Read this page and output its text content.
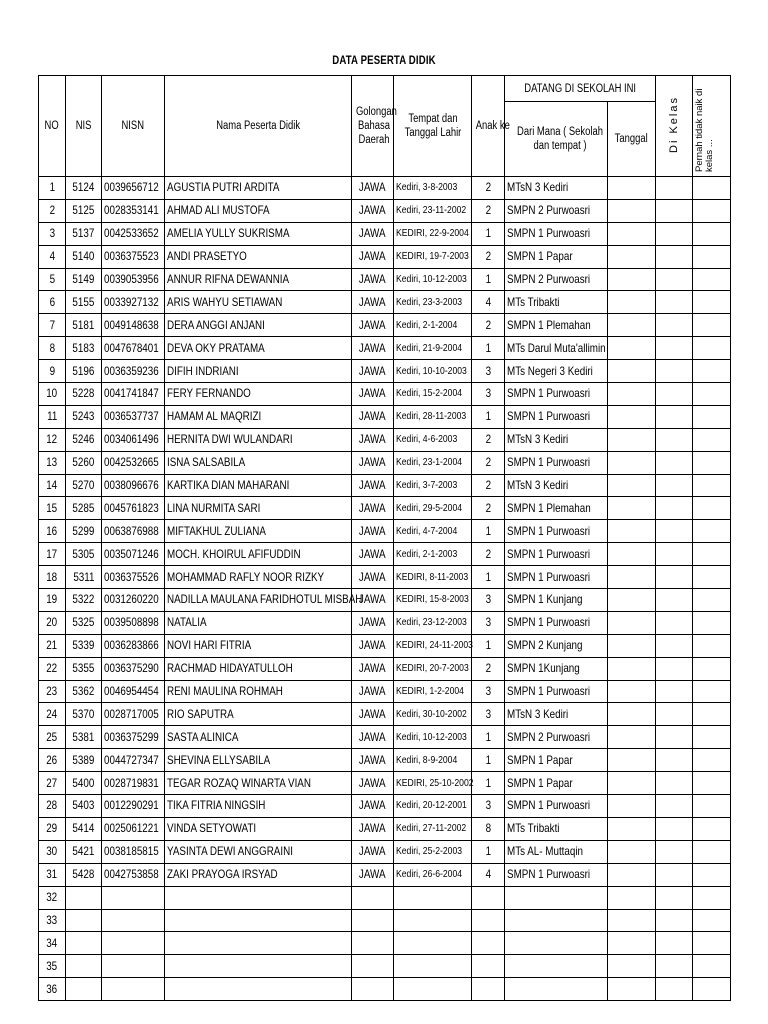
DATA PESERTA DIDIK
NO	NIS	NISN	Nama Peserta Didik	Golongan Bahasa Daerah	Tempat dan Tanggal Lahir	Anak ke	DATANG DI SEKOLAH INI		Di Kelas	Pernah tidak naik di kelas ...
							Dari Mana ( Sekolah dan tempat )	Tanggal		
1	5124	0039656712	AGUSTIA PUTRI ARDITA	JAWA	Kediri, 3-8-2003	2	MTsN 3 Kediri			
2	5125	0028353141	AHMAD ALI MUSTOFA	JAWA	Kediri, 23-11-2002	2	SMPN 2 Purwoasri			
3	5137	0042533652	AMELIA YULLY SUKRISMA	JAWA	KEDIRI, 22-9-2004	1	SMPN 1 Purwoasri			
4	5140	0036375523	ANDI PRASETYO	JAWA	KEDIRI, 19-7-2003	2	SMPN 1 Papar			
5	5149	0039053956	ANNUR RIFNA DEWANNIA	JAWA	Kediri, 10-12-2003	1	SMPN 2 Purwoasri			
6	5155	0033927132	ARIS WAHYU SETIAWAN	JAWA	Kediri, 23-3-2003	4	MTs Tribakti			
7	5181	0049148638	DERA ANGGI ANJANI	JAWA	Kediri, 2-1-2004	2	SMPN 1 Plemahan			
8	5183	0047678401	DEVA OKY PRATAMA	JAWA	Kediri, 21-9-2004	1	MTs Darul Muta'allimin			
9	5196	0036359236	DIFIH INDRIANI	JAWA	Kediri, 10-10-2003	3	MTs Negeri 3 Kediri			
10	5228	0041741847	FERY FERNANDO	JAWA	Kediri, 15-2-2004	3	SMPN 1 Purwoasri			
11	5243	0036537737	HAMAM AL MAQRIZI	JAWA	Kediri, 28-11-2003	1	SMPN 1 Purwoasri			
12	5246	0034061496	HERNITA DWI WULANDARI	JAWA	Kediri, 4-6-2003	2	MTsN 3 Kediri			
13	5260	0042532665	ISNA SALSABILA	JAWA	Kediri, 23-1-2004	2	SMPN 1 Purwoasri			
14	5270	0038096676	KARTIKA DIAN MAHARANI	JAWA	Kediri, 3-7-2003	2	MTsN 3 Kediri			
15	5285	0045761823	LINA NURMITA SARI	JAWA	Kediri, 29-5-2004	2	SMPN 1 Plemahan			
16	5299	0063876988	MIFTAKHUL ZULIANA	JAWA	Kediri, 4-7-2004	1	SMPN 1 Purwoasri			
17	5305	0035071246	MOCH. KHOIRUL AFIFUDDIN	JAWA	Kediri, 2-1-2003	2	SMPN 1 Purwoasri			
18	5311	0036375526	MOHAMMAD RAFLY NOOR RIZKY	JAWA	KEDIRI, 8-11-2003	1	SMPN 1 Purwoasri			
19	5322	0031260220	NADILLA MAULANA FARIDHOTUL MISBAH	JAWA	KEDIRI, 15-8-2003	3	SMPN 1 Kunjang			
20	5325	0039508898	NATALIA	JAWA	Kediri, 23-12-2003	3	SMPN 1 Purwoasri			
21	5339	0036283866	NOVI HARI FITRIA	JAWA	KEDIRI, 24-11-2003	1	SMPN 2 Kunjang			
22	5355	0036375290	RACHMAD HIDAYATULLOH	JAWA	KEDIRI, 20-7-2003	2	SMPN 1Kunjang			
23	5362	0046954454	RENI MAULINA ROHMAH	JAWA	KEDIRI, 1-2-2004	3	SMPN 1 Purwoasri			
24	5370	0028717005	RIO SAPUTRA	JAWA	Kediri, 30-10-2002	3	MTsN 3 Kediri			
25	5381	0036375299	SASTA ALINICA	JAWA	Kediri, 10-12-2003	1	SMPN 2 Purwoasri			
26	5389	0044727347	SHEVINA ELLYSABILA	JAWA	Kediri, 8-9-2004	1	SMPN 1 Papar			
27	5400	0028719831	TEGAR ROZAQ WINARTA VIAN	JAWA	KEDIRI, 25-10-2002	1	SMPN 1 Papar			
28	5403	0012290291	TIKA FITRIA NINGSIH	JAWA	Kediri, 20-12-2001	3	SMPN 1 Purwoasri			
29	5414	0025061221	VINDA SETYOWATI	JAWA	Kediri, 27-11-2002	8	MTs Tribakti			
30	5421	0038185815	YASINTA DEWI ANGGRAINI	JAWA	Kediri, 25-2-2003	1	MTs AL- Muttaqin			
31	5428	0042753858	ZAKI PRAYOGA IRSYAD	JAWA	Kediri, 26-6-2004	4	SMPN 1 Purwoasri			
32										
33										
34										
35										
36										
